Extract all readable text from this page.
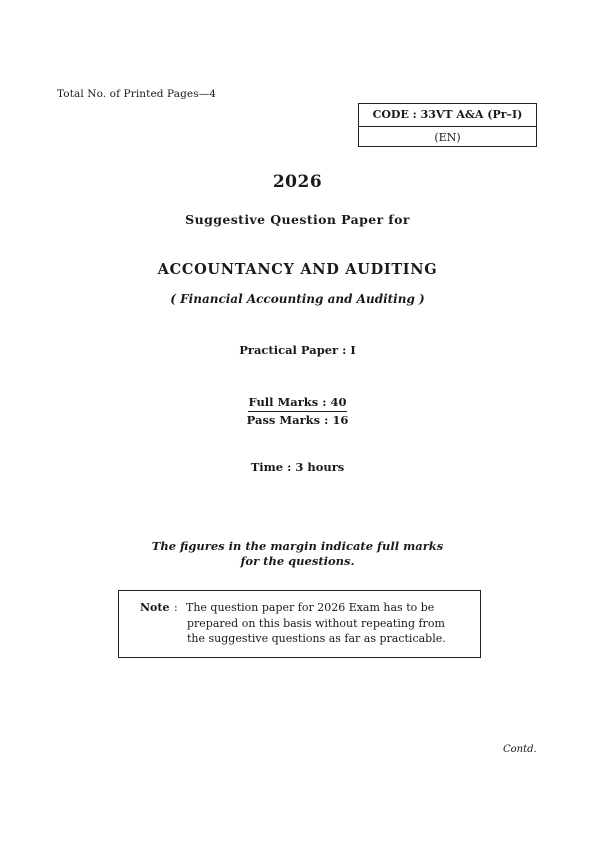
Total No. of Printed Pages—4
CODE : 33VT A&A (Pr–I)
(EN)
2026
Suggestive Question Paper for
ACCOUNTANCY AND AUDITING
( Financial Accounting and Auditing )
Practical Paper : I
Full Marks : 40
Pass Marks : 16
Time : 3 hours
The figures in the margin indicate full marks
for the questions.
Note : The question paper for 2026 Exam has to be
prepared on this basis without repeating from
the suggestive questions as far as practicable.
Contd.
